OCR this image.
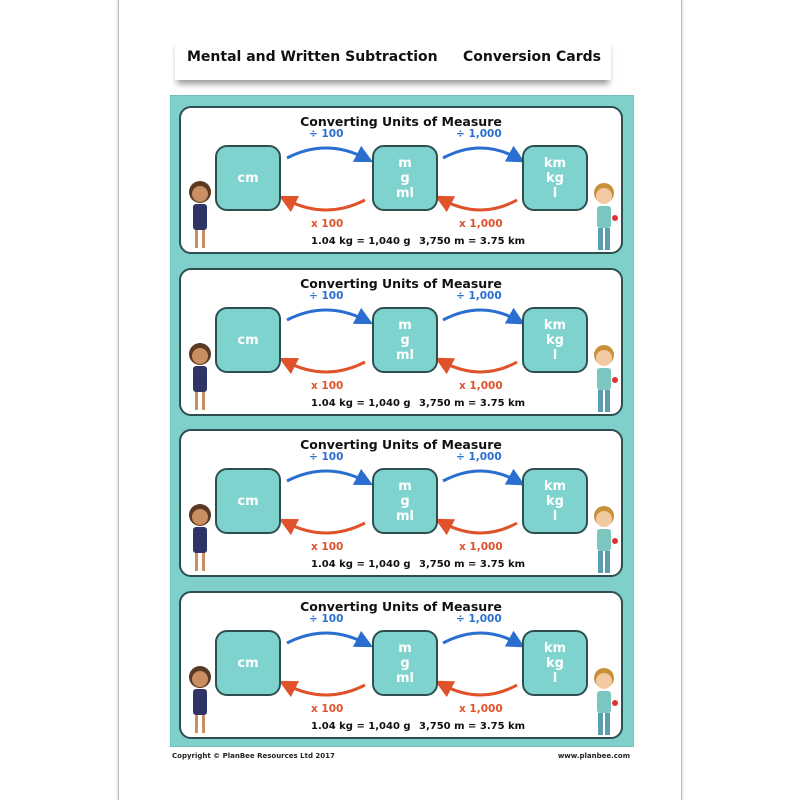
Mental and Written Subtraction Conversion Cards
Converting Units of Measure
÷ 100	÷ 1,000
x 100	x 1,000
cm
m
g
ml
km
kg
l
1.04 kg = 1,040 g 3,750 m = 3.75 km
Converting Units of Measure
÷ 100	÷ 1,000
x 100	x 1,000
cm
m
g
ml
km
kg
l
1.04 kg = 1,040 g 3,750 m = 3.75 km
Converting Units of Measure
÷ 100	÷ 1,000
x 100	x 1,000
cm
m
g
ml
km
kg
l
1.04 kg = 1,040 g 3,750 m = 3.75 km
Converting Units of Measure
÷ 100	÷ 1,000
x 100	x 1,000
cm
m
g
ml
km
kg
l
1.04 kg = 1,040 g 3,750 m = 3.75 km
Copyright © PlanBee Resources Ltd 2017	www.planbee.com
